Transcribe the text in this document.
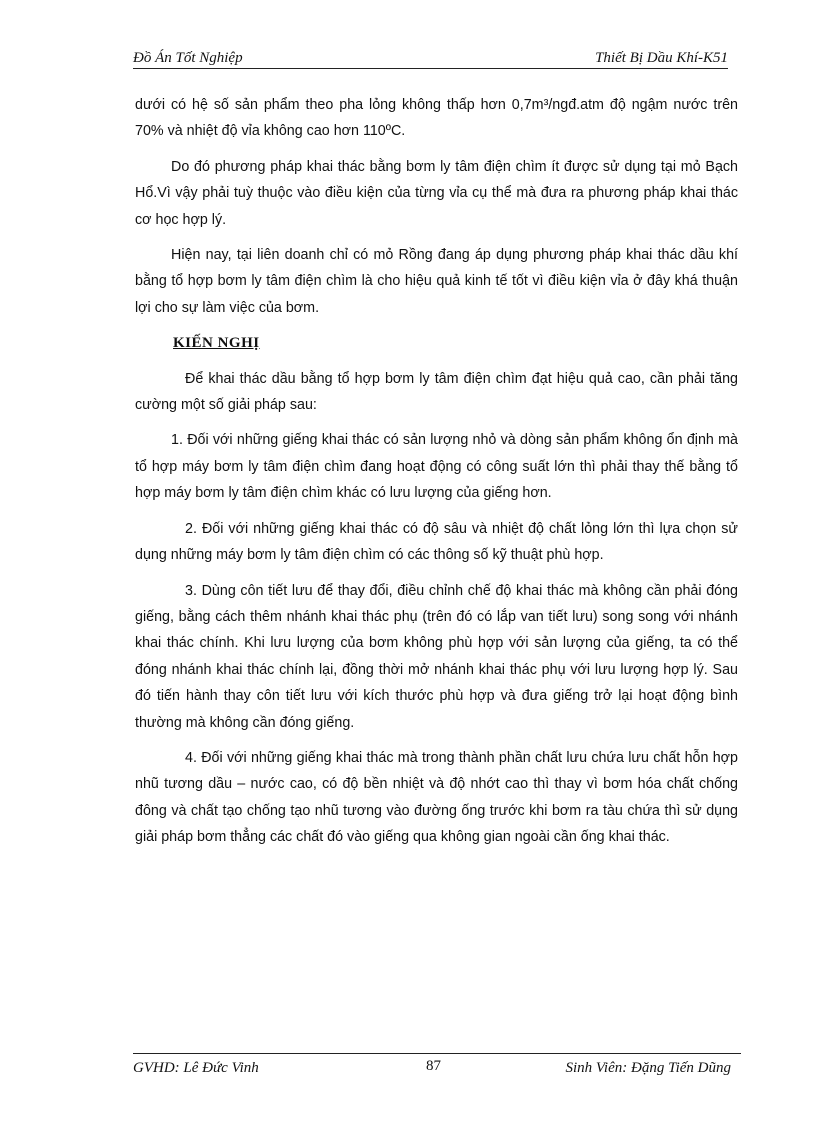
Đồ Án Tốt Nghiệp	Thiết Bị Dầu Khí-K51

dưới có hệ số sản phẩm theo pha lỏng không thấp hơn 0,7m³/ngđ.atm độ ngậm nước trên 70% và nhiệt độ vỉa không cao hơn 110ºC.

Do đó phương pháp khai thác bằng bơm ly tâm điện chìm ít được sử dụng tại mỏ Bạch Hổ.Vì vậy phải tuỳ thuộc vào điều kiện của từng vỉa cụ thể mà đưa ra phương pháp khai thác cơ học hợp lý.

Hiện nay, tại liên doanh chỉ có mỏ Rồng đang áp dụng phương pháp khai thác dầu khí bằng tổ hợp bơm ly tâm điện chìm là cho hiệu quả kinh tế tốt vì điều kiện vỉa ở đây khá thuận lợi cho sự làm việc của bơm.

KIẾN NGHỊ

Để khai thác dầu bằng tổ hợp bơm ly tâm điện chìm đạt hiệu quả cao, cần phải tăng cường một số giải pháp sau:

1. Đối với những giếng khai thác có sản lượng nhỏ và dòng sản phẩm không ổn định mà tổ hợp máy bơm ly tâm điện chìm đang hoạt động có công suất lớn thì phải thay thế bằng tổ hợp máy bơm ly tâm điện chìm khác có lưu lượng của giếng hơn.

2. Đối với những giếng khai thác có độ sâu và nhiệt độ chất lỏng lớn thì lựa chọn sử dụng những máy bơm ly tâm điện chìm có các thông số kỹ thuật phù hợp.

3. Dùng côn tiết lưu để thay đổi, điều chỉnh chế độ khai thác mà không cần phải đóng giếng, bằng cách thêm nhánh khai thác phụ (trên đó có lắp van tiết lưu) song song với nhánh khai thác chính. Khi lưu lượng của bơm không phù hợp với sản lượng của giếng, ta có thể đóng nhánh khai thác chính lại, đồng thời mở nhánh khai thác phụ với lưu lượng hợp lý. Sau đó tiến hành thay côn tiết lưu với kích thước phù hợp và đưa giếng trở lại hoạt động bình thường mà không cần đóng giếng.

4. Đối với những giếng khai thác mà trong thành phần chất lưu chứa lưu chất hỗn hợp nhũ tương dầu – nước cao, có độ bền nhiệt và độ nhớt cao thì thay vì bơm hóa chất chống đông và chất tạo chống tạo nhũ tương vào đường ống trước khi bơm ra tàu chứa thì sử dụng giải pháp bơm thẳng các chất đó vào giếng qua không gian ngoài cần ống khai thác.

GVHD: Lê Đức Vinh	87	Sinh Viên: Đặng Tiến Dũng
